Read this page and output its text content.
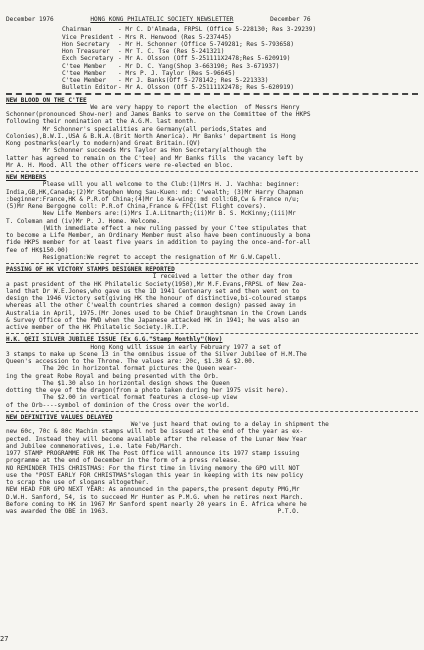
December 1976	HONG KONG PHILATELIC SOCIETY NEWSLETTER	December 76
Chairman	- Mr C. D'Almada, FRPSL (Office 5-228130; Res 3-29239)
Vice President - Mrs R. Henwood (Res 5-237445)
Hon Secretary - Mr H. Schonner (Office 5-749281; Res 5-793658)
Hon Treasurer - Mr T. C. Tse (Res 5-241321)
Exch Secretary - Mr A. Olsson (Off 5-251111X2478;Res 5-620919)
C'tee Member - Mr D. C. Yang(Shop 3-663190; Res 3-671937)
C'tee Member - Mrs P. J. Taylor (Res 5-96645)
C'tee Member - Mr J. Banks(Off 5-278142; Res 5-221333)
Bulletin Editor- Mr A. Olsson (Off 5-251111X2478; Res 5-620919)
NEW BLOOD ON THE C'TEE
We are very happy to report the election  of Messrs Henry
Schonner(pronounced Show-ner) and James Banks to serve on the Committee of the HKPS
following their nomination at the A.G.M. last month.
Mr Schonner's specialities are Germany(all periods,States and
Colonies),B.W.I.,USA & B.N.A.(Brit North America). Mr Banks' department is Hong
Kong postmarks(early to modern)and Great Britain.(QV)
Mr Schonner succeeds Mrs Taylor as Hon Secretary(although the
latter has agreed to remain on the C'tee) and Mr Banks fills  the vacancy left by
Mr A. H. Mood. All the other officers were re-elected en bloc.
NEW MEMBERS
Please will you all welcome to the Club:(1)Mrs H. J. Vachha: beginner:
India,GB,HK,Canada;(2)Mr Stephen Wong Sau-Kuen: md: C'wealth; (3)Mr Harry Chapman
:beginner:France,HK & P.R.of China;(4)Mr Lo Ka-wing: md coll:GB,Cw & France n/u;
(5)Mr Rene Bergogne coll: P.R.of China,France & FFC(1st Flight covers).
New Life Members are:(i)Mrs I.A.Litmarth;(ii)Mr B. S. McKinny;(iii)Mr
T. Coleman and (iv)Mr P. J. Home. Welcome.
(With immediate effect a new ruling passed by your C'tee stipulates that
to become a Life Member, an Ordinary Member must also have been continuously a bona
fide HKPS member for at least five years in addition to paying the once-and-for-all
fee of HK$150.00)
Resignation:We regret to accept the resignation of Mr G.W.Capell.
PASSING OF HK VICTORY STAMPS DESIGNER REPORTED
I received a letter the other day from
a past president of the HK Philatelic Society(1950),Mr M.F.Evans,FRPSL of New Zea-
land that Dr W.E.Jones,who gave us the 1D 1941 Centenary set and then went on to
design the 1946 Victory set(giving HK the honour of distinctive,bi-coloured stamps
whereas all the other C'wealth countries shared a common design) passed away in
Australia in April, 1975.(Mr Jones used to be Chief Draughtsman in the Crown Lands
& Survey Office of the PWD when the Japanese attacked HK in 1941; he was also an
active member of the HK Philatelic Society.)R.I.P.
H.K. QEII SILVER JUBILEE ISSUE (Ex G.G."Stamp Monthly"(Nov)
Hong Kong will issue in early February 1977 a set of
3 stamps to make up Scene 13 in the omnibus issue of the Silver Jubilee of H.M.The
Queen's accession to the Throne. The values are: 20c, $1.30 & $2.00.
The 20c in horizontal format pictures the Queen wear-
ing the great Robe Royal and being presented with the Orb.
The $1.30 also in horizontal design shows the Queen
dotting the eye of the dragon(from a photo taken during her 1975 visit here).
The $2.00 in vertical format features a close-up view
of the Orb----symbol of dominion of the Cross over the world.
NEW DEFINITIVE VALUES DELAYED
We've just heard that owing to a delay in shipment the
new 60c, 70c & 80c Machin stamps will not be issued at the end of the year as ex-
pected. Instead they will become available after the release of the Lunar New Year
and Jubilee commemoratives, i.e. late Feb/March.
1977 STAMP PROGRAMME FOR HK The Post Office will announce its 1977 stamp issuing
programme at the end of December in the form of a press release.
NO REMINDER THIS CHRISTMAS: For the first time in living memory the GPO will NOT
use the "POST EARLY FOR CHRISTMAS"slogan this year in keeping with its new policy
to scrap the use of slogans altogether.
NEW HEAD FOR GPO NEXT YEAR: As announced in the papers,the present deputy PMG,Mr
D.W.H. Sanford, 54, is to succeed Mr Hunter as P.M.G. when he retires next March.
Before coming to HK in 1967 Mr Sanford spent nearly 20 years in E. Africa where he
was awarded the OBE in 1963.                                              P.T.O.
27
